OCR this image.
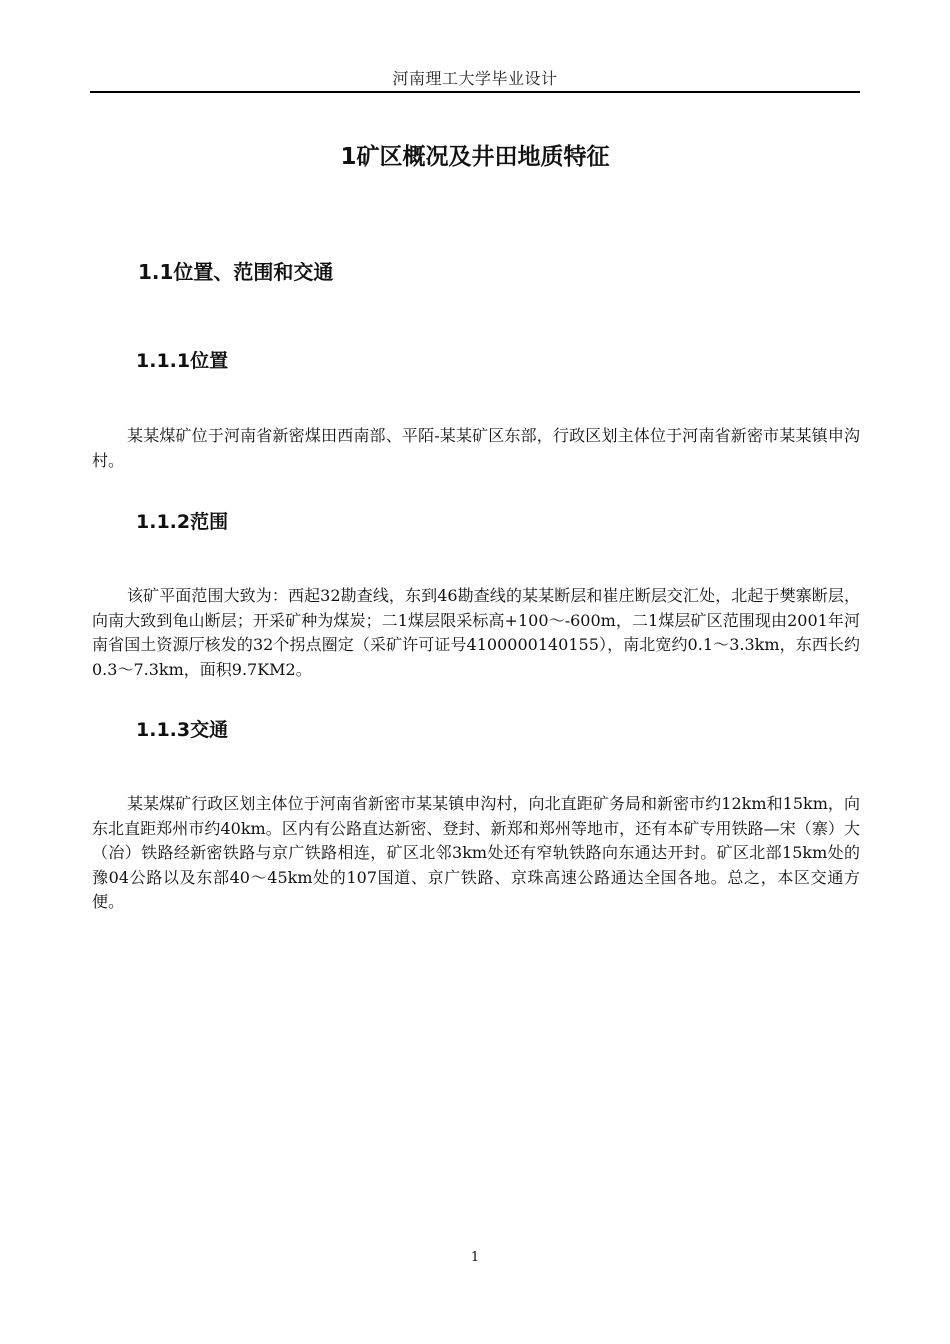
河南理工大学毕业设计
1矿区概况及井田地质特征
1.1位置、范围和交通
1.1.1位置

某某煤矿位于河南省新密煤田西南部、平陌-某某矿区东部，行政区划主体位于河南省新密市某某镇申沟村。

1.1.2范围

该矿平面范围大致为：西起32勘查线，东到46勘查线的某某断层和崔庄断层交汇处，北起于樊寨断层，向南大致到龟山断层；开采矿种为煤炭；二1煤层限采标高+100～-600m，二1煤层矿区范围现由2001年河南省国土资源厅核发的32个拐点圈定（采矿许可证号4100000140155），南北宽约0.1～3.3km，东西长约0.3～7.3km，面积9.7KM2。

1.1.3交通

某某煤矿行政区划主体位于河南省新密市某某镇申沟村，向北直距矿务局和新密市约12km和15km，向东北直距郑州市约40km。区内有公路直达新密、登封、新郑和郑州等地市，还有本矿专用铁路—宋（寨）大（冶）铁路经新密铁路与京广铁路相连，矿区北邻3km处还有窄轨铁路向东通达开封。矿区北部15km处的豫04公路以及东部40～45km处的107国道、京广铁路、京珠高速公路通达全国各地。总之，本区交通方便。

1
